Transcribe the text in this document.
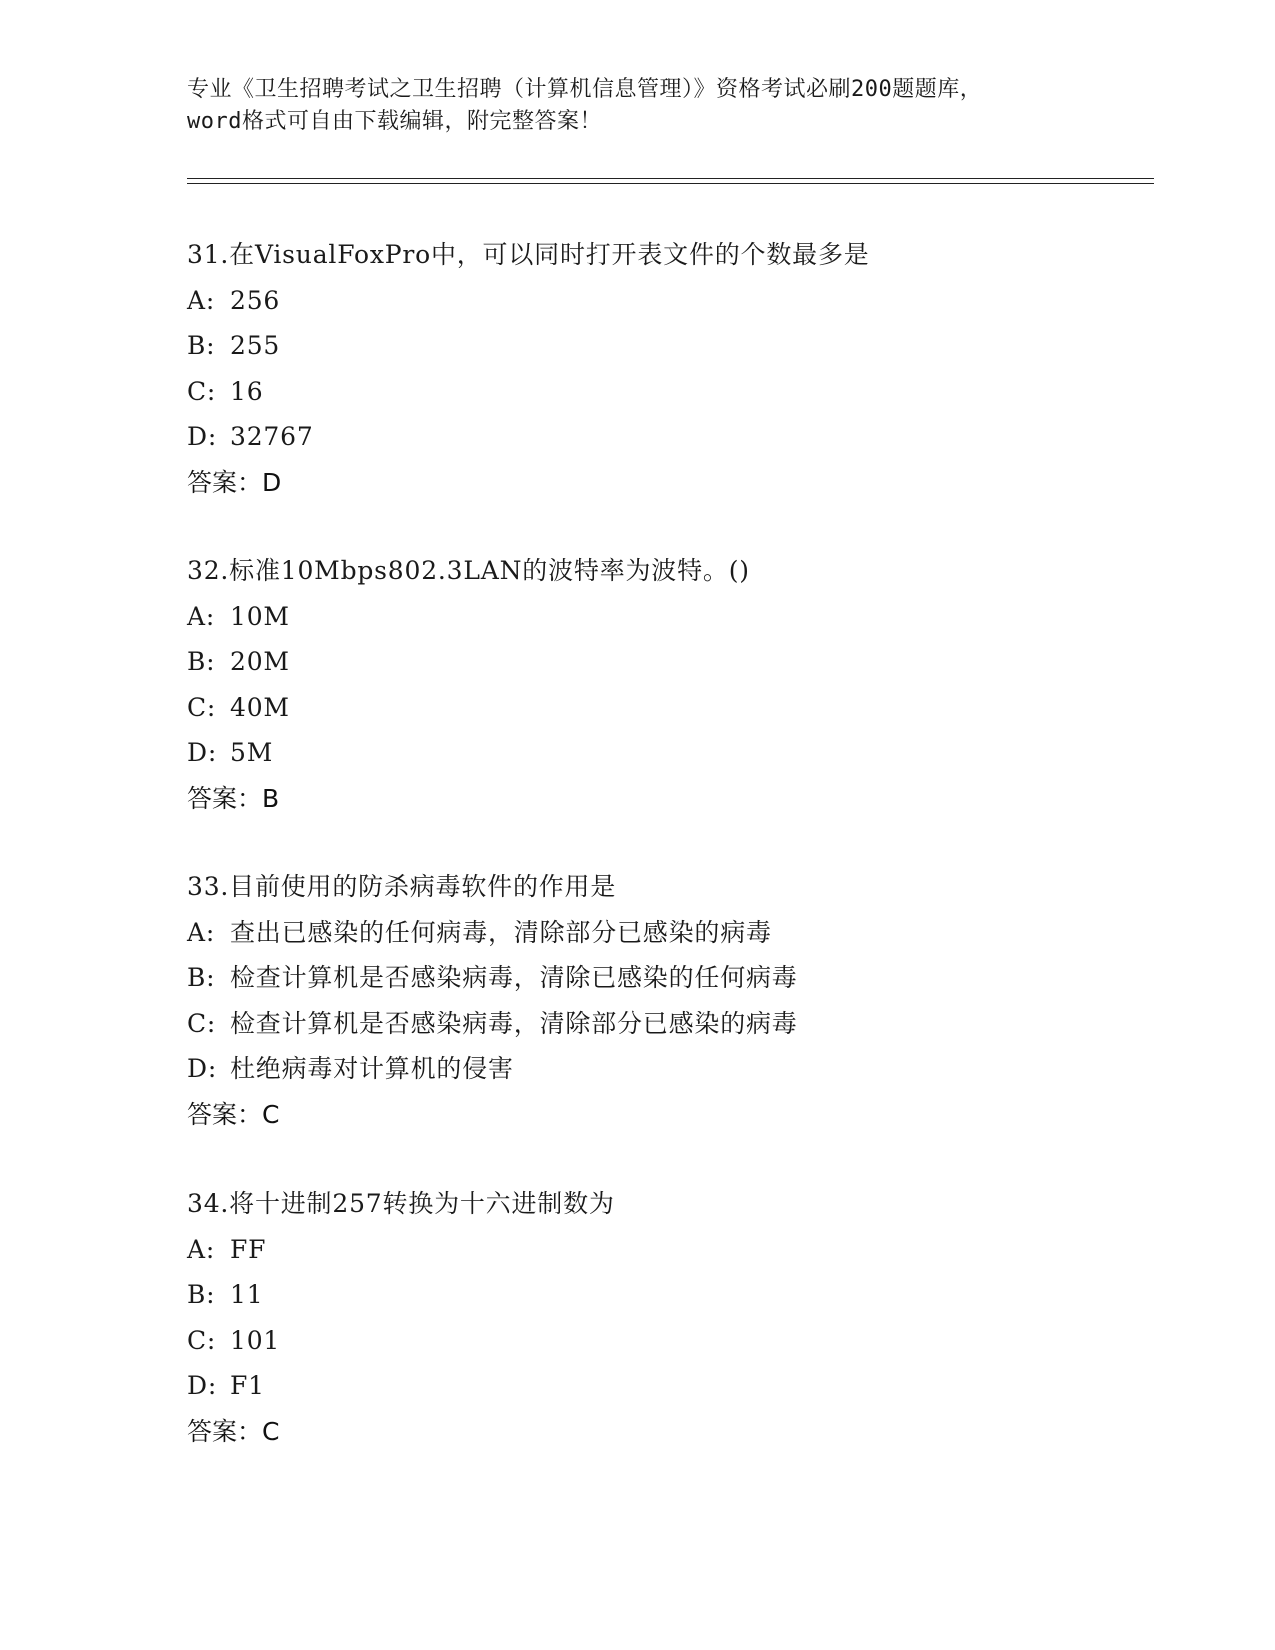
专业《卫生招聘考试之卫生招聘（计算机信息管理）》资格考试必刷200题题库，
word格式可自由下载编辑，附完整答案！
31.在VisualFoxPro中，可以同时打开表文件的个数最多是
A: 256
B: 255
C: 16
D: 32767
答案：D
32.标准10Mbps802.3LAN的波特率为波特。()
A: 10M
B: 20M
C: 40M
D: 5M
答案：B
33.目前使用的防杀病毒软件的作用是
A: 查出已感染的任何病毒，清除部分已感染的病毒
B: 检查计算机是否感染病毒，清除已感染的任何病毒
C: 检查计算机是否感染病毒，清除部分已感染的病毒
D: 杜绝病毒对计算机的侵害
答案：C
34.将十进制257转换为十六进制数为
A: FF
B: 11
C: 101
D: F1
答案：C
